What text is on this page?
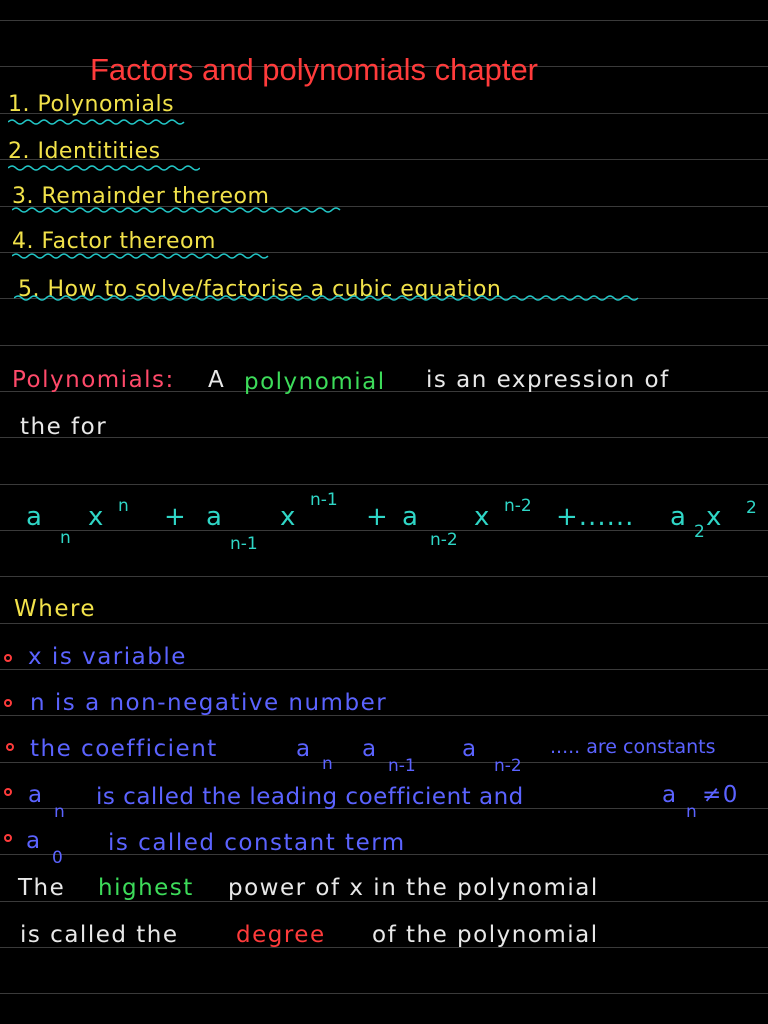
Factors and polynomials chapter
1. Polynomials
2. Identitities
3. Remainder thereom
4. Factor thereom
5. How to solve/factorise a cubic equation
Polynomials: A polynomial is an expression of
the for
a
n
x n + a
n-1
x
n-1
+ a
n-2
x n-2 +...... a 2 x 2
Where
x is variable
n is a non-negative number
the coefficient	a
n
a
n-1
a
n-2
..... are constants
a
n
is called the leading coefficient and	a
n
≠0
a
0
is called constant term
The highest power of x in the polynomial
is called the degree of the polynomial
